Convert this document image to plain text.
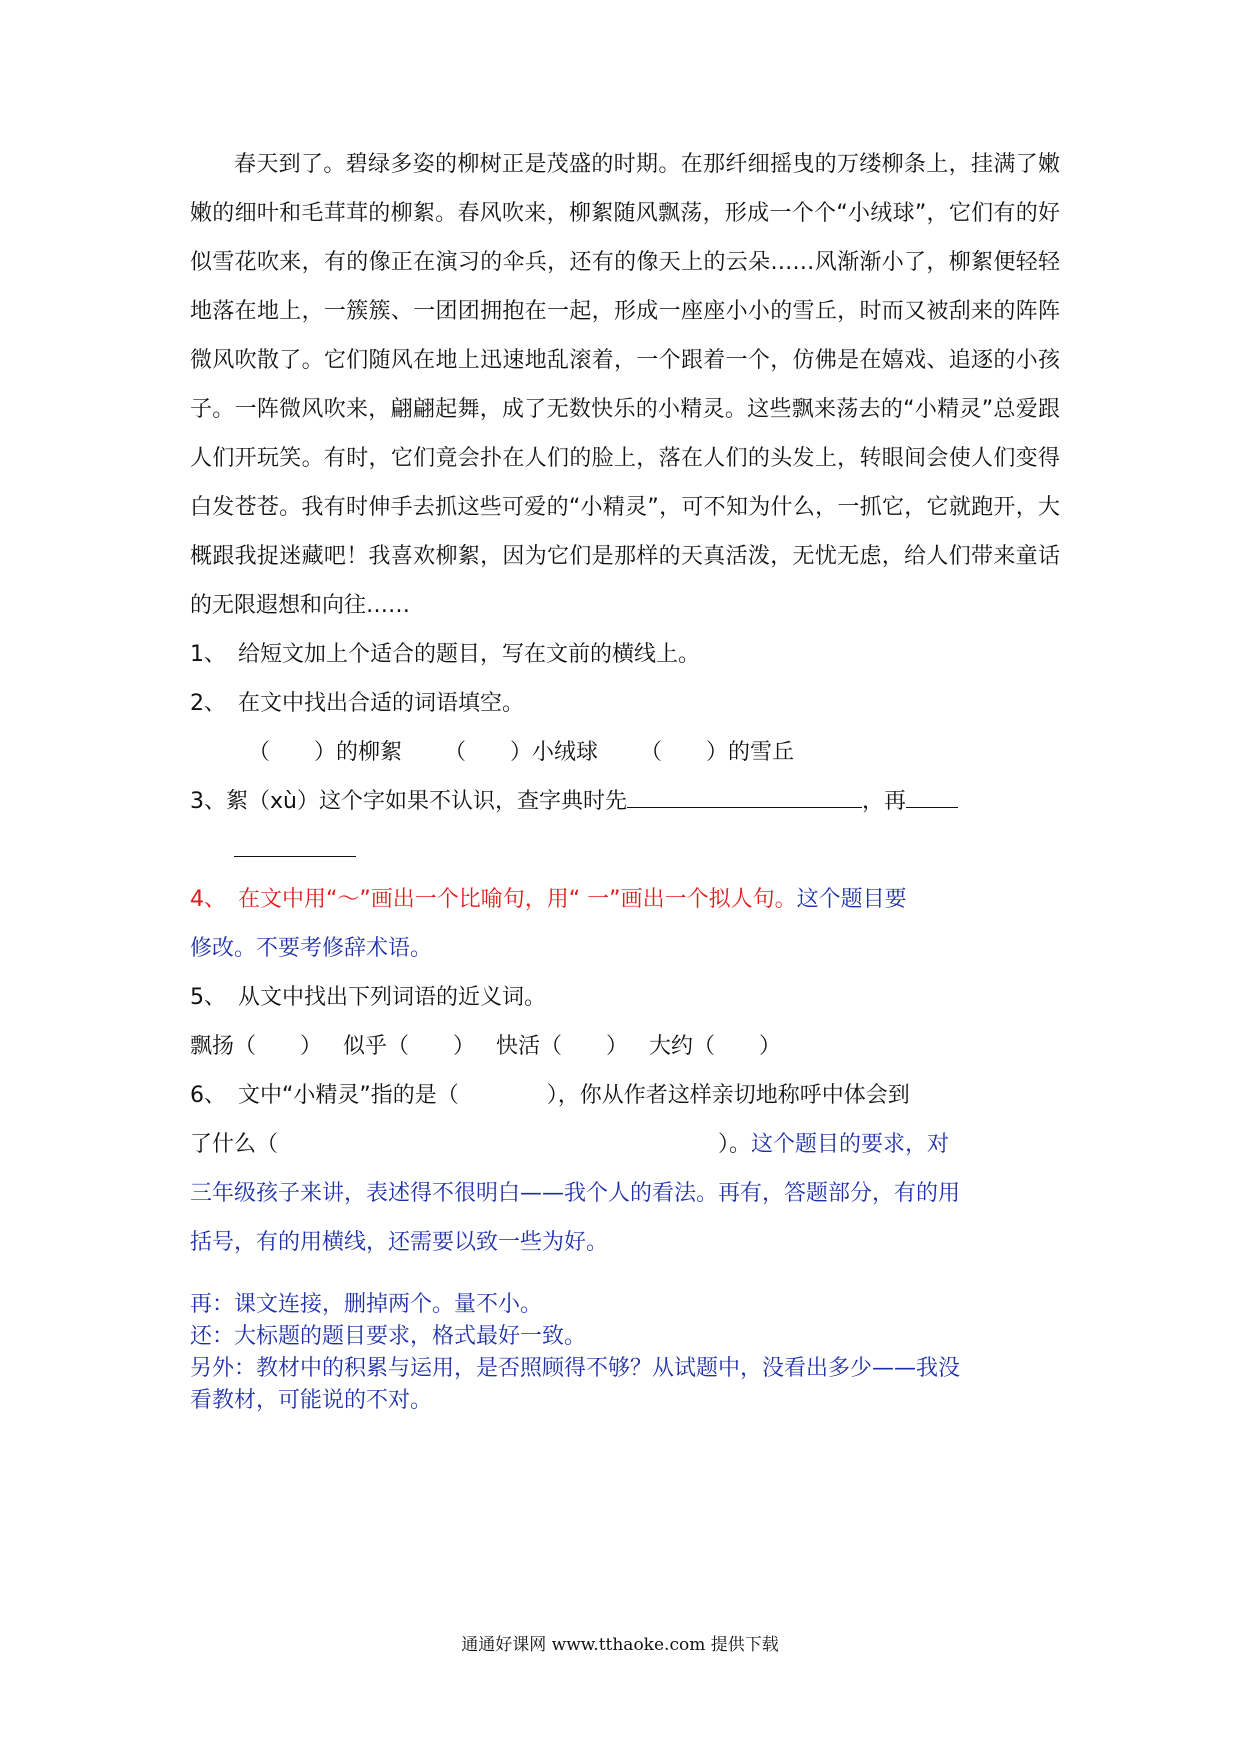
春天到了。碧绿多姿的柳树正是茂盛的时期。在那纤细摇曳的万缕柳条上，挂满了嫩嫩的细叶和毛茸茸的柳絮。春风吹来，柳絮随风飘荡，形成一个个“小绒球”，它们有的好似雪花吹来，有的像正在演习的伞兵，还有的像天上的云朵……风渐渐小了，柳絮便轻轻地落在地上，一簇簇、一团团拥抱在一起，形成一座座小小的雪丘，时而又被刮来的阵阵微风吹散了。它们随风在地上迅速地乱滚着，一个跟着一个，仿佛是在嬉戏、追逐的小孩子。一阵微风吹来，翩翩起舞，成了无数快乐的小精灵。这些飘来荡去的“小精灵”总爱跟人们开玩笑。有时，它们竟会扑在人们的脸上，落在人们的头发上，转眼间会使人们变得白发苍苍。我有时伸手去抓这些可爱的“小精灵”，可不知为什么，一抓它，它就跑开，大概跟我捉迷藏吧！我喜欢柳絮，因为它们是那样的天真活泼，无忧无虑，给人们带来童话的无限遐想和向往……

1、 给短文加上个适合的题目，写在文前的横线上。

2、 在文中找出合适的词语填空。

（　　）的柳絮 （　　）小绒球 （　　）的雪丘

3、絮（xù）这个字如果不认识，查字典时先	，再

4、 在文中用“～”画出一个比喻句，用“ 一”画出一个拟人句。这个题目要

修改。不要考修辞术语。

5、 从文中找出下列词语的近义词。

飘扬（　　） 似乎（　　） 快活（　　） 大约（　　）

6、 文中“小精灵”指的是（　　　　），你从作者这样亲切地称呼中体会到

了什么（	）。这个题目的要求，对

三年级孩子来讲，表述得不很明白——我个人的看法。再有，答题部分，有的用

括号，有的用横线，还需要以致一些为好。

再：课文连接，删掉两个。量不小。

还：大标题的题目要求，格式最好一致。

另外：教材中的积累与运用，是否照顾得不够？从试题中，没看出多少——我没

看教材，可能说的不对。

通通好课网 www.tthaoke.com 提供下载
